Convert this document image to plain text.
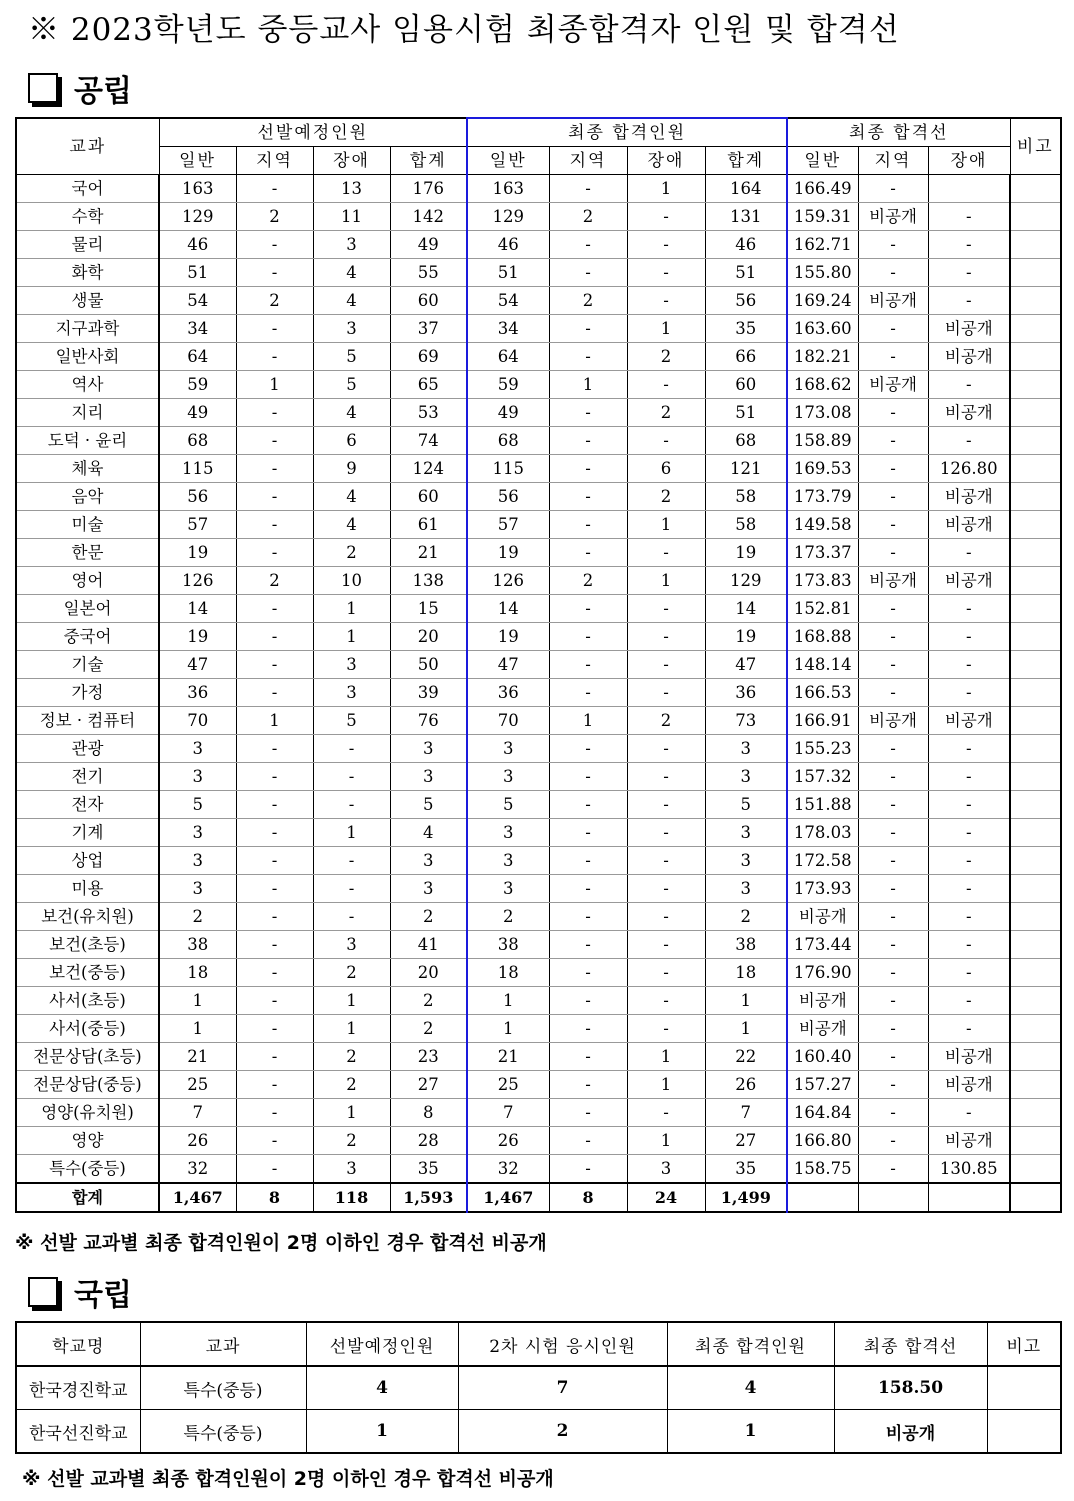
※ 2023학년도 중등교사 임용시험 최종합격자 인원 및 합격선
공립
교과	선발예정인원				최종 합격인원				최종 합격선			비고
	일반	지역	장애	합계	일반	지역	장애	합계	일반	지역	장애	
국어	163	-	13	176	163	-	1	164	166.49	-		
수학	129	2	11	142	129	2	-	131	159.31	비공개	-	
물리	46	-	3	49	46	-	-	46	162.71	-	-	
화학	51	-	4	55	51	-	-	51	155.80	-	-	
생물	54	2	4	60	54	2	-	56	169.24	비공개	-	
지구과학	34	-	3	37	34	-	1	35	163.60	-	비공개	
일반사회	64	-	5	69	64	-	2	66	182.21	-	비공개	
역사	59	1	5	65	59	1	-	60	168.62	비공개	-	
지리	49	-	4	53	49	-	2	51	173.08	-	비공개	
도덕 · 윤리	68	-	6	74	68	-	-	68	158.89	-	-	
체육	115	-	9	124	115	-	6	121	169.53	-	126.80	
음악	56	-	4	60	56	-	2	58	173.79	-	비공개	
미술	57	-	4	61	57	-	1	58	149.58	-	비공개	
한문	19	-	2	21	19	-	-	19	173.37	-	-	
영어	126	2	10	138	126	2	1	129	173.83	비공개	비공개	
일본어	14	-	1	15	14	-	-	14	152.81	-	-	
중국어	19	-	1	20	19	-	-	19	168.88	-	-	
기술	47	-	3	50	47	-	-	47	148.14	-	-	
가정	36	-	3	39	36	-	-	36	166.53	-	-	
정보 · 컴퓨터	70	1	5	76	70	1	2	73	166.91	비공개	비공개	
관광	3	-	-	3	3	-	-	3	155.23	-	-	
전기	3	-	-	3	3	-	-	3	157.32	-	-	
전자	5	-	-	5	5	-	-	5	151.88	-	-	
기계	3	-	1	4	3	-	-	3	178.03	-	-	
상업	3	-	-	3	3	-	-	3	172.58	-	-	
미용	3	-	-	3	3	-	-	3	173.93	-	-	
보건(유치원)	2	-	-	2	2	-	-	2	비공개	-	-	
보건(초등)	38	-	3	41	38	-	-	38	173.44	-	-	
보건(중등)	18	-	2	20	18	-	-	18	176.90	-	-	
사서(초등)	1	-	1	2	1	-	-	1	비공개	-	-	
사서(중등)	1	-	1	2	1	-	-	1	비공개	-	-	
전문상담(초등)	21	-	2	23	21	-	1	22	160.40	-	비공개	
전문상담(중등)	25	-	2	27	25	-	1	26	157.27	-	비공개	
영양(유치원)	7	-	1	8	7	-	-	7	164.84	-	-	
영양	26	-	2	28	26	-	1	27	166.80	-	비공개	
특수(중등)	32	-	3	35	32	-	3	35	158.75	-	130.85	
합계	1,467	8	118	1,593	1,467	8	24	1,499				
※ 선발 교과별 최종 합격인원이 2명 이하인 경우 합격선 비공개
국립
학교명	교과	선발예정인원	2차 시험 응시인원	최종 합격인원	최종 합격선	비고
한국경진학교	특수(중등)	4	7	4	158.50	
한국선진학교	특수(중등)	1	2	1	비공개	
※ 선발 교과별 최종 합격인원이 2명 이하인 경우 합격선 비공개
